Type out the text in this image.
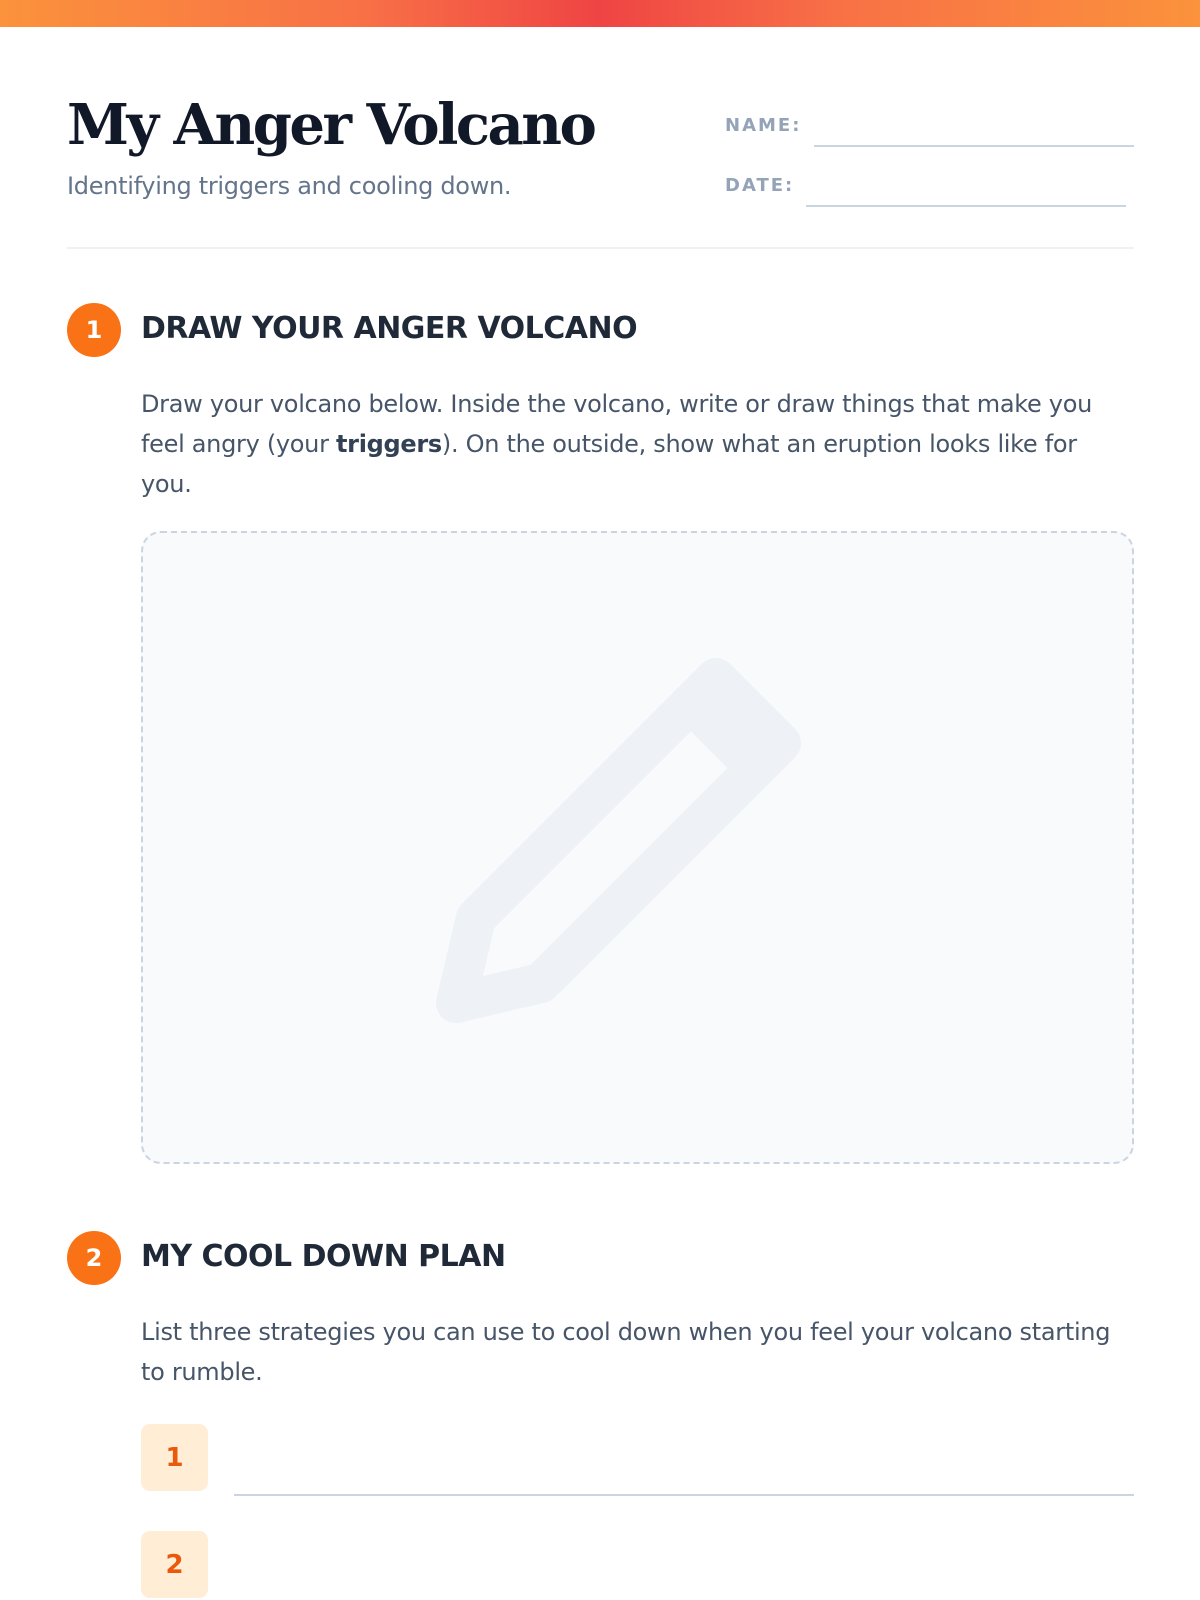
My Anger Volcano
Identifying triggers and cooling down.
NAME:
DATE:
1	DRAW YOUR ANGER VOLCANO

Draw your volcano below. Inside the volcano, write or draw things that make you feel angry (your triggers). On the outside, show what an eruption looks like for you.

2	MY COOL DOWN PLAN

List three strategies you can use to cool down when you feel your volcano starting to rumble.

1
2
